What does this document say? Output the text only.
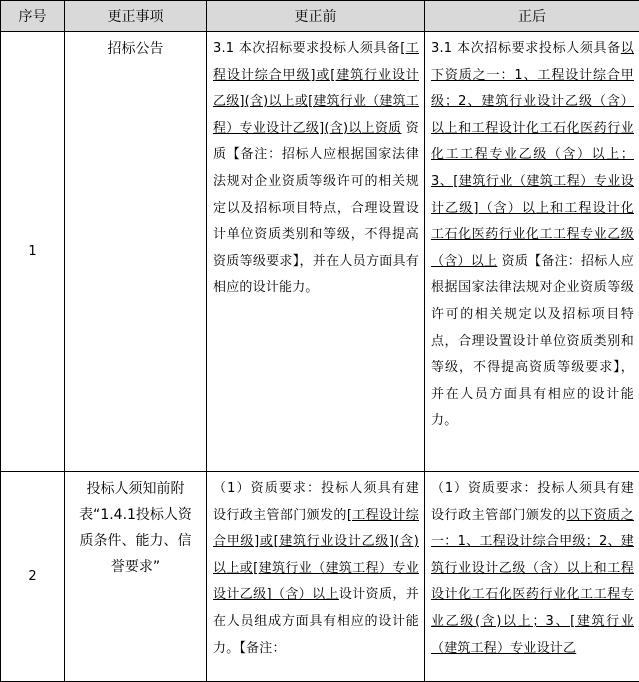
序号	更正事项	更正前	正后
1	招标公告	3.1 本次招标要求投标人须具备[工程设计综合甲级]或[建筑行业设计乙级](含)以上或[建筑行业（建筑工程）专业设计乙级](含)以上资质 资质【备注：招标人应根据国家法律法规对企业资质等级许可的相关规定以及招标项目特点，合理设置设计单位资质类别和等级，不得提高资质等级要求】，并在人员方面具有相应的设计能力。	3.1 本次招标要求投标人须具备以下资质之一：1、工程设计综合甲级；2、建筑行业设计乙级（含）以上和工程设计化工石化医药行业化工工程专业乙级（含）以上；3、[建筑行业（建筑工程）专业设计乙级]（含）以上和工程设计化工石化医药行业化工工程专业乙级（含）以上 资质【备注：招标人应根据国家法律法规对企业资质等级许可的相关规定以及招标项目特点，合理设置设计单位资质类别和等级，不得提高资质等级要求】，并在人员方面具有相应的设计能力。
2	投标人须知前附表“1.4.1投标人资质条件、能力、信誉要求”	（1）资质要求：投标人须具有建设行政主管部门颁发的[工程设计综合甲级]或[建筑行业设计乙级](含)以上或[建筑行业（建筑工程）专业设计乙级]（含）以上设计资质，并在人员组成方面具有相应的设计能力。【备注：	（1）资质要求：投标人须具有建设行政主管部门颁发的以下资质之一：1、工程设计综合甲级；2、建筑行业设计乙级（含）以上和工程设计化工石化医药行业化工工程专业乙级(含)以上；3、[建筑行业（建筑工程）专业设计乙
